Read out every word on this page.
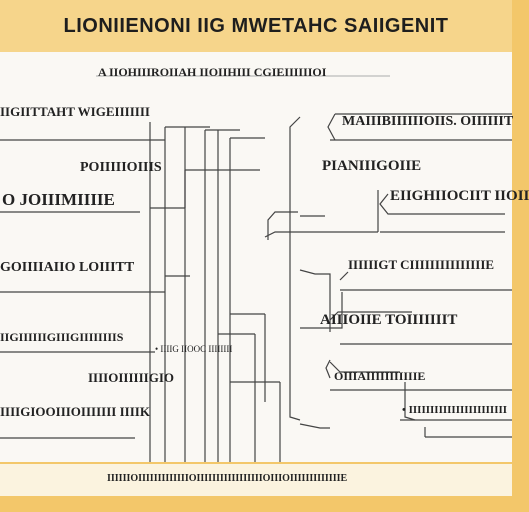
LIONIIENONI IIG MWETAHC SAIIGENIT
A IIOHIIIROIIAH IIOIIHIII CGIEIIIIIIOI
IIGIITTAHT WIGEIIIIIII
POIIIIIOIIIS
O JOIIIMIIIIE
GOIIIIAIIO LOIIITT
IIGIIIIIIGIIIGIIIIIIIIS
IIIIOIIIIIIGIO
IIIIGIOOIIIOIIIIIII IIIIK
• IIIIG IIOOC IIIIIIII
MAIIIBIIIIIIOIIS. OIIIIIIT
PIANIIIGOIIE
EIIGHIIOCIIT IIOII
IIIIIIGT CIIIIIIIIIIIIIIIE
AIIIOIIE TOIIIIIIIT
OIIIAIIIIIIIIIIIE
• IIIIIIIIIIIIIIIIIIIIIII
IIIIIIOIIIIIIIIIIIIIOIIIIIIIIIIIIIIIIIOIIIOIIIIIIIIIIIIIE
